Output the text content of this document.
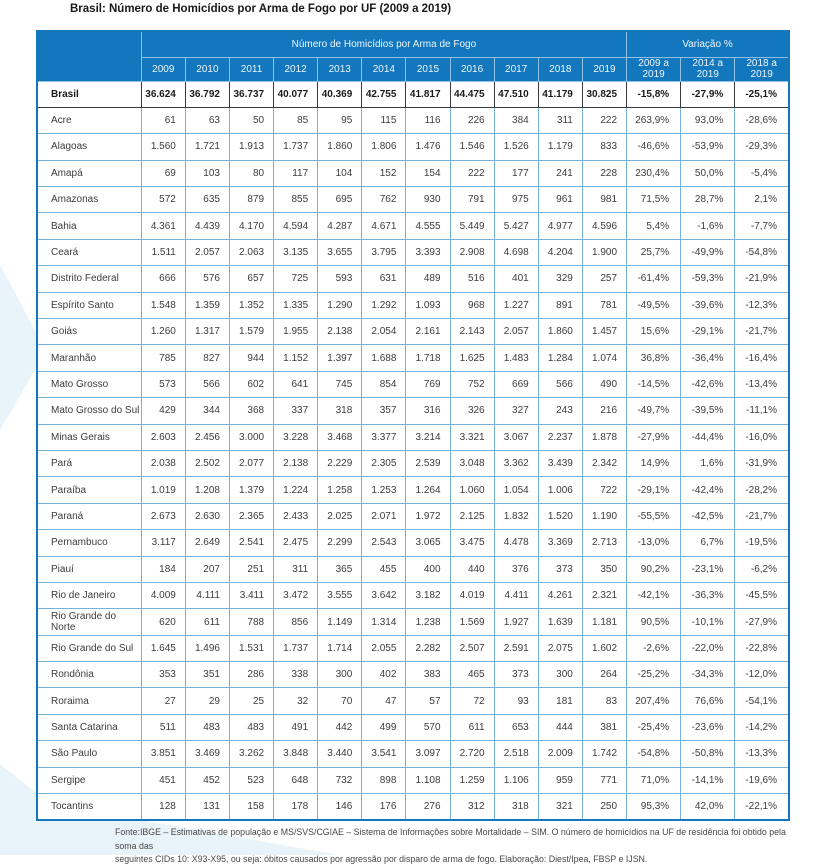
Brasil: Número de Homicídios por Arma de Fogo por UF (2009 a 2019)
	Número de Homicídios por Arma de Fogo											Variação %		
	2009	2010	2011	2012	2013	2014	2015	2016	2017	2018	2019	2009 a 2019	2014 a 2019	2018 a 2019
Brasil	36.624	36.792	36.737	40.077	40.369	42.755	41.817	44.475	47.510	41.179	30.825	-15,8%	-27,9%	-25,1%
Acre	61	63	50	85	95	115	116	226	384	311	222	263,9%	93,0%	-28,6%
Alagoas	1.560	1.721	1.913	1.737	1.860	1.806	1.476	1.546	1.526	1.179	833	-46,6%	-53,9%	-29,3%
Amapá	69	103	80	117	104	152	154	222	177	241	228	230,4%	50,0%	-5,4%
Amazonas	572	635	879	855	695	762	930	791	975	961	981	71,5%	28,7%	2,1%
Bahia	4.361	4.439	4.170	4.594	4.287	4.671	4.555	5.449	5.427	4.977	4.596	5,4%	-1,6%	-7,7%
Ceará	1.511	2.057	2.063	3.135	3.655	3.795	3.393	2.908	4.698	4.204	1.900	25,7%	-49,9%	-54,8%
Distrito Federal	666	576	657	725	593	631	489	516	401	329	257	-61,4%	-59,3%	-21,9%
Espírito Santo	1.548	1.359	1.352	1.335	1.290	1.292	1.093	968	1.227	891	781	-49,5%	-39,6%	-12,3%
Goiás	1.260	1.317	1.579	1.955	2.138	2.054	2.161	2.143	2.057	1.860	1.457	15,6%	-29,1%	-21,7%
Maranhão	785	827	944	1.152	1.397	1.688	1.718	1.625	1.483	1.284	1.074	36,8%	-36,4%	-16,4%
Mato Grosso	573	566	602	641	745	854	769	752	669	566	490	-14,5%	-42,6%	-13,4%
Mato Grosso do Sul	429	344	368	337	318	357	316	326	327	243	216	-49,7%	-39,5%	-11,1%
Minas Gerais	2.603	2.456	3.000	3.228	3.468	3.377	3.214	3.321	3.067	2.237	1.878	-27,9%	-44,4%	-16,0%
Pará	2.038	2.502	2.077	2.138	2.229	2.305	2.539	3.048	3.362	3.439	2.342	14,9%	1,6%	-31,9%
Paraíba	1.019	1.208	1.379	1.224	1.258	1.253	1.264	1.060	1.054	1.006	722	-29,1%	-42,4%	-28,2%
Paraná	2.673	2.630	2.365	2.433	2.025	2.071	1.972	2.125	1.832	1.520	1.190	-55,5%	-42,5%	-21,7%
Pernambuco	3.117	2.649	2.541	2.475	2.299	2.543	3.065	3.475	4.478	3.369	2.713	-13,0%	6,7%	-19,5%
Piauí	184	207	251	311	365	455	400	440	376	373	350	90,2%	-23,1%	-6,2%
Rio de Janeiro	4.009	4.111	3.411	3.472	3.555	3.642	3.182	4.019	4.411	4.261	2.321	-42,1%	-36,3%	-45,5%
Rio Grande do Norte	620	611	788	856	1.149	1.314	1.238	1.569	1.927	1.639	1.181	90,5%	-10,1%	-27,9%
Rio Grande do Sul	1.645	1.496	1.531	1.737	1.714	2.055	2.282	2.507	2.591	2.075	1.602	-2,6%	-22,0%	-22,8%
Rondônia	353	351	286	338	300	402	383	465	373	300	264	-25,2%	-34,3%	-12,0%
Roraima	27	29	25	32	70	47	57	72	93	181	83	207,4%	76,6%	-54,1%
Santa Catarina	511	483	483	491	442	499	570	611	653	444	381	-25,4%	-23,6%	-14,2%
São Paulo	3.851	3.469	3.262	3.848	3.440	3.541	3.097	2.720	2.518	2.009	1.742	-54,8%	-50,8%	-13,3%
Sergipe	451	452	523	648	732	898	1.108	1.259	1.106	959	771	71,0%	-14,1%	-19,6%
Tocantins	128	131	158	178	146	176	276	312	318	321	250	95,3%	42,0%	-22,1%
Fonte:IBGE – Estimativas de população e MS/SVS/CGIAE – Sistema de Informações sobre Mortalidade – SIM. O número de homicídios na UF de residência foi obtido pela soma das
seguintes CIDs 10: X93-X95, ou seja: óbitos causados por agressão por disparo de arma de fogo. Elaboração: Diest/Ipea, FBSP e IJSN.
